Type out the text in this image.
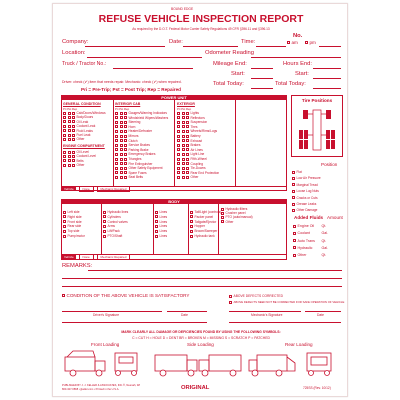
BOUND EDGE
REFUSE VEHICLE INSPECTION REPORT
As required by the D.O.T. Federal Motor Carrier Safety Regulations 49 CFR §396.11 and §396.13
No.
Company:	Date:	Time:	am	pm
Location:	Odometer Reading
Truck / Tractor No.:	Mileage End:	Hours End:
Start:	Start:
Driver: check (✔) item that needs repair. Mechanic: check (✔) when repaired.
Pri = Pre-Trip; Pst = Post Trip; Rep = Repaired
Total Today:	Total Today:
POWER UNIT
GENERAL CONDITION
Pri Pst Rep
Cab/Doors/Windows
Body/Doors
Oil Leak
Coolant Leak
Fluid Leaks
Fuel Leak
Other
ENGINE COMPARTMENT
Oil Level
Coolant Level
Belts
Other
INTERIOR CAB
Pri Pst Rep
Gauges/Warning Indicators
Windshield Wipers/Washers
Steering
Horn
Heater/Defroster
Mirrors
Clutch
Service Brakes
Parking Brake
Emergency Brakes
Triangles
Fire Extinguisher
Other Safety Equipment
Spare Fuses
Seat Belts
EXTERIOR
Pri Pst Rep
Lights
Reflectors
Suspension
Tires
Wheels/Rims/Lugs
Battery
Exhaust
Brakes
Air Lines
Light Line
Fifth-Wheel
Coupling
Tie-Downs
Rear End Protection
Other
Vehicle	None	Mechanic Repaired
BODY
Left side
Right side
Front side
Rear side
Top side
Pump/motor
Hydraulic lines
Cylinders
Control valves
Arms
Lift/Pack
PTO/Shaft
Lines
Lines
Lines
Lines
Lines
Lines
Tail/Light (controls)
Packer panel
Tailgate/Ejector
Hopper
Broom/Sweeper
Hydraulic tank
Hydraulic filters
Crusher panel
PTO (auto/manual)
Other
Vehicle	None	Mechanic Repaired
Tire Positions
Position
Flat
Low Air Pressure
Marginal Tread
Loose Lug Nuts
Cracks or Cuts
Grease Leaks
Other Damage
Added Fluids Amount
Engine Oil Qt.
Coolant	Gal.
Auto Trans Qt.
Hydraulic	Gal.
Other	Qt.
REMARKS:
CONDITION OF THE ABOVE VEHICLE IS SATISFACTORY	ABOVE DEFECTS CORRECTED
ABOVE DEFECTS NEED NOT BE CORRECTED FOR SAFE OPERATION OF VEHICLE
Driver's Signature	Date	Mechanic's Signature	Date
MARK CLEARLY ALL DAMAGE OR DEFICIENCIES FOUND BY USING THE FOLLOWING SYMBOLS:
C = CUT H = HOLE D = DENT BR = BROKEN M = MISSING S = SCRATCH P = PATCHED
Front Loading	Side Loading	Rear Loading
PUBLISHED BY J. J. KELLER & ASSOCIATES, INC.®, Neenah, WI
800-327-6868 • jjkeller.com • Printed in the U.S.A.	ORIGINAL	725SS (Rev. 10/12)
